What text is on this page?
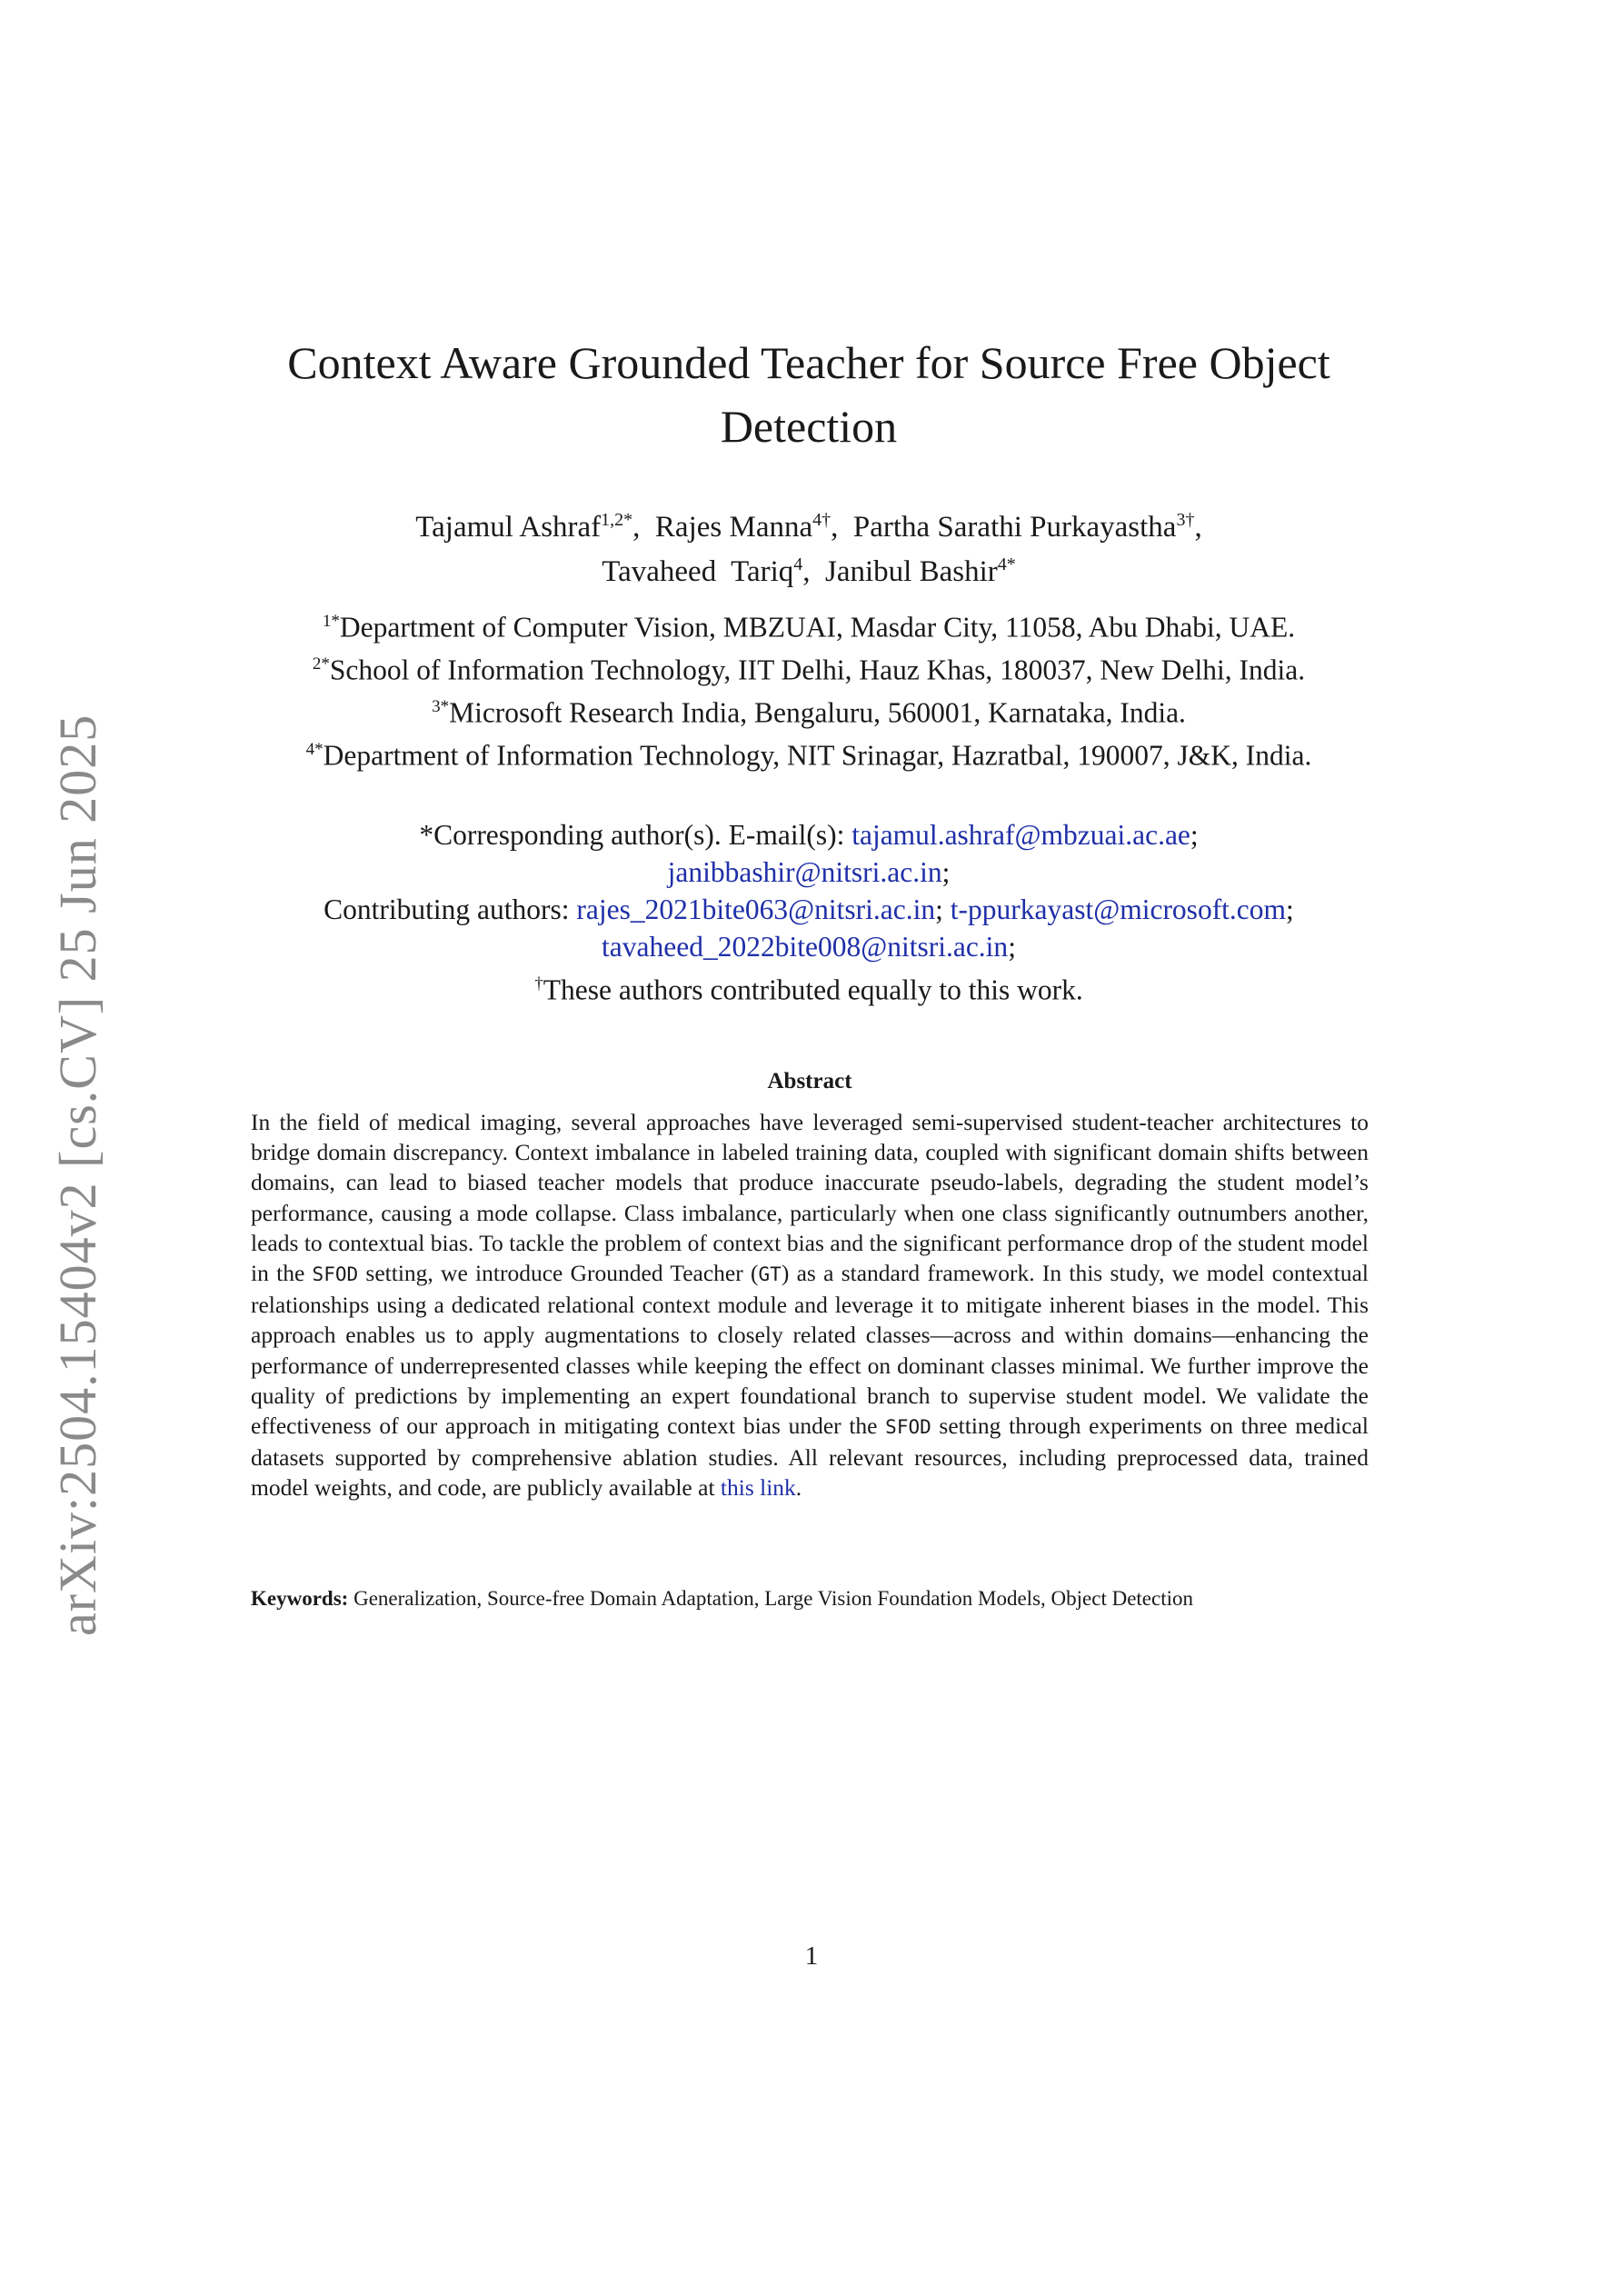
arXiv:2504.15404v2 [cs.CV] 25 Jun 2025
Context Aware Grounded Teacher for Source Free Object
Detection
Tajamul Ashraf$^{1,2*}$,  Rajes Manna$^{4\dagger}$,  Partha Sarathi Purkayastha$^{3\dagger}$,
Tavaheed  Tariq$^4$,  Janibul Bashir$^{4*}$
$^{1*}$Department of Computer Vision, MBZUAI, Masdar City, 11058, Abu Dhabi, UAE.
$^{2*}$School of Information Technology, IIT Delhi, Hauz Khas, 180037, New Delhi, India.
$^{3*}$Microsoft Research India, Bengaluru, 560001, Karnataka, India.
$^{4*}$Department of Information Technology, NIT Srinagar, Hazratbal, 190007, J&K, India.
*Corresponding author(s). E-mail(s): tajamul.ashraf@mbzuai.ac.ae;
janibbashir@nitsri.ac.in;
Contributing authors: rajes_2021bite063@nitsri.ac.in; t-ppurkayast@microsoft.com;
tavaheed_2022bite008@nitsri.ac.in;
†These authors contributed equally to this work.
Abstract
In the field of medical imaging, several approaches have leveraged semi-supervised student-teacher architectures to bridge domain discrepancy. Context imbalance in labeled training data, coupled with significant domain shifts between domains, can lead to biased teacher models that produce inaccurate pseudo-labels, degrading the student model’s performance, causing a mode collapse. Class imbalance, particularly when one class significantly outnumbers another, leads to contextual bias. To tackle the problem of context bias and the significant performance drop of the student model in the SFOD setting, we introduce Grounded Teacher (GT) as a standard framework. In this study, we model contextual relationships using a dedicated relational context module and leverage it to mitigate inherent biases in the model. This approach enables us to apply augmentations to closely related classes—across and within domains—enhancing the performance of underrepresented classes while keeping the effect on dominant classes minimal. We further improve the quality of predictions by implementing an expert foundational branch to supervise student model. We validate the effectiveness of our approach in mitigating context bias under the SFOD setting through experiments on three medical datasets supported by comprehensive ablation studies. All relevant resources, including preprocessed data, trained model weights, and code, are publicly available at this link.
Keywords: Generalization, Source-free Domain Adaptation, Large Vision Foundation Models, Object Detection
1
